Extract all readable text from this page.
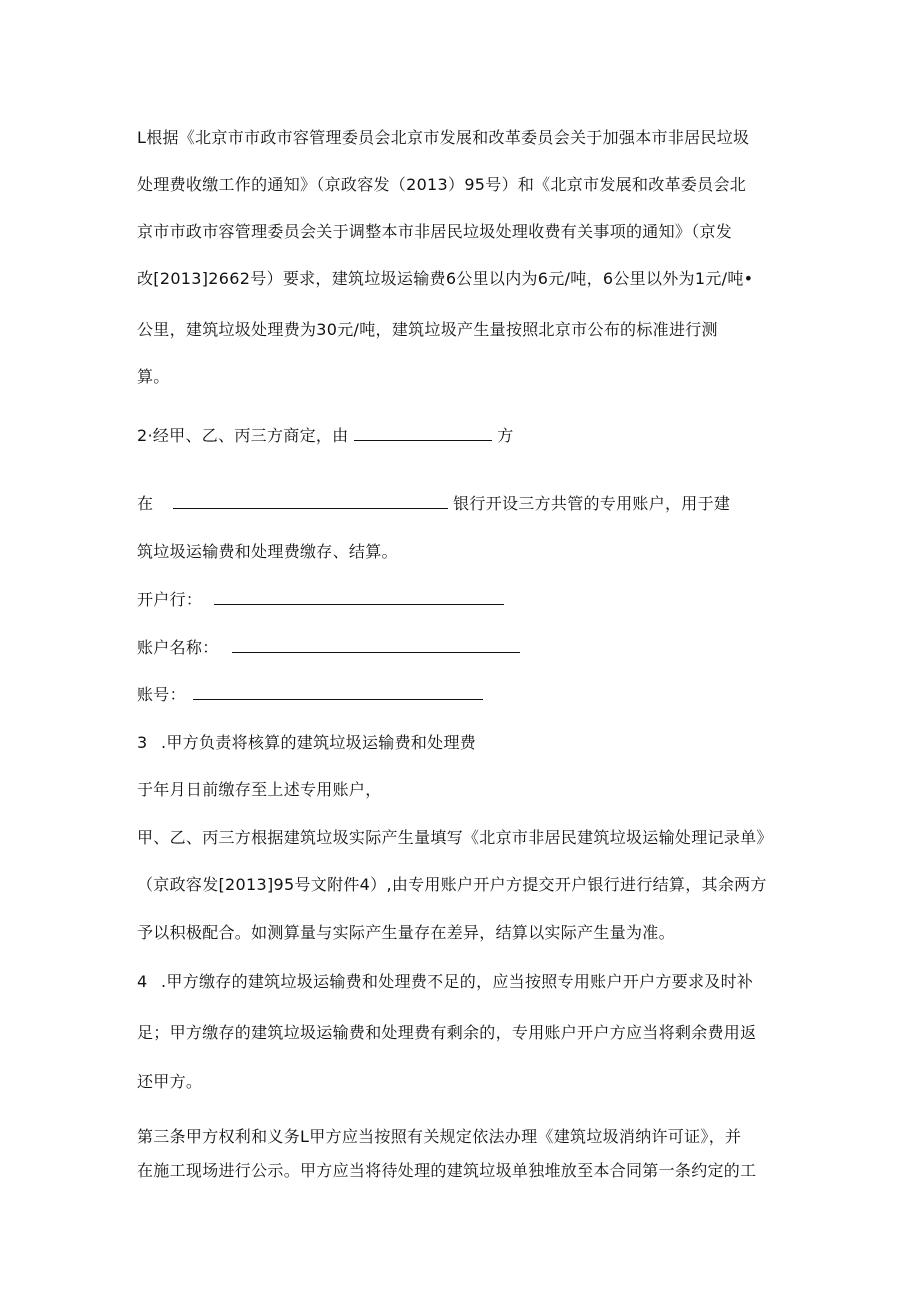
L根据《北京市市政市容管理委员会北京市发展和改革委员会关于加强本市非居民垃圾
处理费收缴工作的通知》（京政容发（2013）95号）和《北京市发展和改革委员会北
京市市政市容管理委员会关于调整本市非居民垃圾处理收费有关事项的通知》（京发
改[2013]2662号）要求，建筑垃圾运输费6公里以内为6元/吨，6公里以外为1元/吨•
公里，建筑垃圾处理费为30元/吨，建筑垃圾产生量按照北京市公布的标准进行测
算。
2·经甲、乙、丙三方商定，由	方
在	银行开设三方共管的专用账户，用于建
筑垃圾运输费和处理费缴存、结算。
开户行：
账户名称：
账号：
3 .甲方负责将核算的建筑垃圾运输费和处理费
于年月日前缴存至上述专用账户，
甲、乙、丙三方根据建筑垃圾实际产生量填写《北京市非居民建筑垃圾运输处理记录单》
（京政容发[2013]95号文附件4）,由专用账户开户方提交开户银行进行结算，其余两方
予以积极配合。如测算量与实际产生量存在差异，结算以实际产生量为准。
4 .甲方缴存的建筑垃圾运输费和处理费不足的，应当按照专用账户开户方要求及时补
足；甲方缴存的建筑垃圾运输费和处理费有剩余的，专用账户开户方应当将剩余费用返
还甲方。
第三条甲方权利和义务L甲方应当按照有关规定依法办理《建筑垃圾消纳许可证》，并
在施工现场进行公示。甲方应当将待处理的建筑垃圾单独堆放至本合同第一条约定的工
